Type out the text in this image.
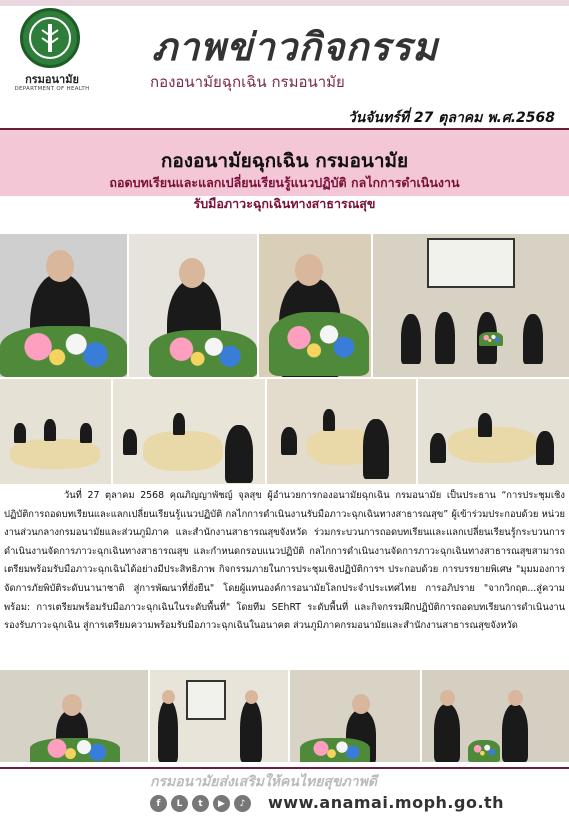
กรมอนามัย
DEPARTMENT OF HEALTH
ภาพข่าวกิจกรรม
กองอนามัยฉุกเฉิน กรมอนามัย
วันจันทร์ที่ 27 ตุลาคม พ.ศ.2568
กองอนามัยฉุกเฉิน กรมอนามัย
ถอดบทเรียนและแลกเปลี่ยนเรียนรู้แนวปฏิบัติ กลไกการดำเนินงาน
รับมือภาวะฉุกเฉินทางสาธารณสุข

วันที่ 27 ตุลาคม 2568 คุณภิญญาพัชญ์ จุลสุข ผู้อำนวยการกองอนามัยฉุกเฉิน กรมอนามัย เป็นประธาน “การประชุมเชิงปฏิบัติการถอดบทเรียนและแลกเปลี่ยนเรียนรู้แนวปฏิบัติ กลไกการดำเนินงานรับมือภาวะฉุกเฉินทางสาธารณสุข” ผู้เข้าร่วมประกอบด้วย หน่วยงานส่วนกลางกรมอนามัยและส่วนภูมิภาค และสำนักงานสาธารณสุขจังหวัด ร่วมกระบวนการถอดบทเรียนและแลกเปลี่ยนเรียนรู้กระบวนการดำเนินงานจัดการภาวะฉุกเฉินทางสาธารณสุข และกำหนดกรอบแนวปฏิบัติ กลไกการดำเนินงานจัดการภาวะฉุกเฉินทางสาธารณสุขสามารถเตรียมพร้อมรับมือภาวะฉุกเฉินได้อย่างมีประสิทธิภาพ กิจกรรมภายในการประชุมเชิงปฏิบัติการฯ ประกอบด้วย การบรรยายพิเศษ "มุมมองการจัดการภัยพิบัติระดับนานาชาติ สู่การพัฒนาที่ยั่งยืน" โดยผู้แทนองค์การอนามัยโลกประจำประเทศไทย การอภิปราย "จากวิกฤต...สู่ความพร้อม: การเตรียมพร้อมรับมือภาวะฉุกเฉินในระดับพื้นที่" โดยทีม SEhRT ระดับพื้นที่ และกิจกรรมฝึกปฏิบัติการถอดบทเรียนการดำเนินงานรองรับภาวะฉุกเฉิน สู่การเตรียมความพร้อมรับมือภาวะฉุกเฉินในอนาคต ส่วนภูมิภาคกรมอนามัยและสำนักงานสาธารณสุขจังหวัด

กรมอนามัยส่งเสริมให้คนไทยสุขภาพดี
f	L	t	▶	♪	www.anamai.moph.go.th
